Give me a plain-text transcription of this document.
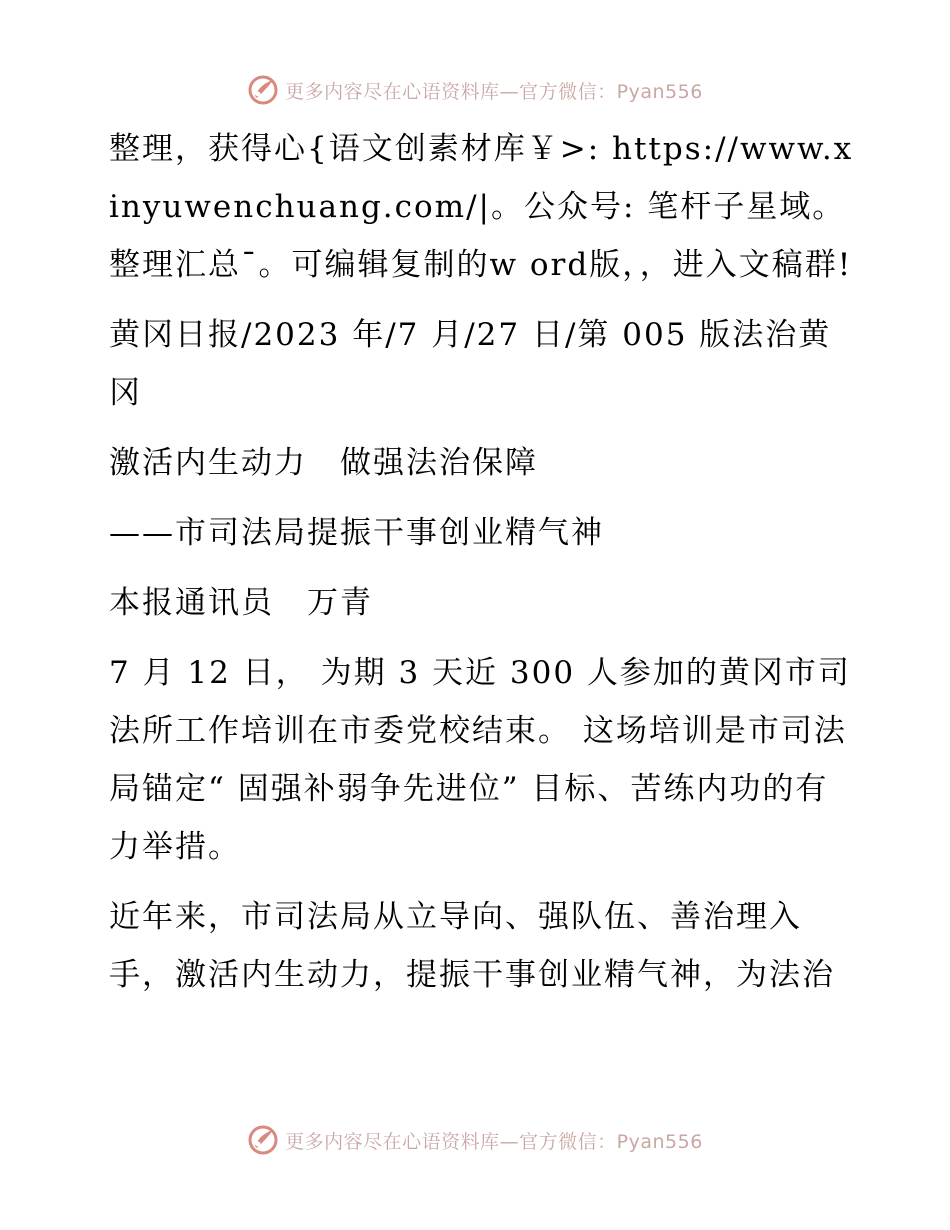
更多内容尽在心语资料库—官方微信：Pyan556

整理，获得心{语文创素材库￥>: https://www.xinyuwenchuang.com/|。公众号: 笔杆子星域。整理汇总¯。可编辑复制的w ord版，，进入文稿群!

黄冈日报/2023 年/7 月/27 日/第 005 版法治黄冈

激活内生动力　做强法治保障

——市司法局提振干事创业精气神

本报通讯员　万青

7 月 12 日， 为期 3 天近 300 人参加的黄冈市司法所工作培训在市委党校结束。 这场培训是市司法局锚定“ 固强补弱争先进位” 目标、苦练内功的有力举措。

近年来，市司法局从立导向、强队伍、善治理入手，激活内生动力，提振干事创业精气神，为法治

更多内容尽在心语资料库—官方微信：Pyan556
